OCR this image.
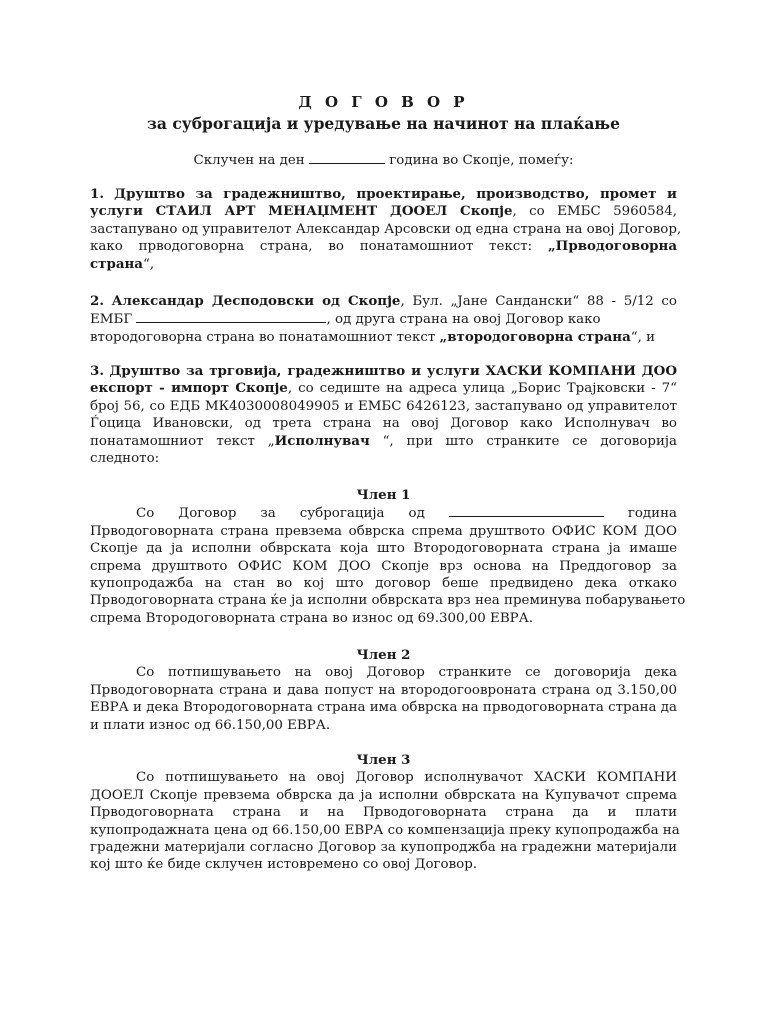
Д О Г О В О Р
за суброгација и уредување на начинот на плаќање
Склучен на ден	година во Скопје, помеѓу:
1. Друштво за градежништво, проектирање, производство, промет и
услуги СТАИЛ АРТ МЕНАЏМЕНТ ДООЕЛ Скопје, со ЕМБС 5960584,
застапувано од управителот Александар Арсовски од една страна на овој Договор,
како прводоговорна страна, во понатамошниот текст: „Прводоговорна
страна“,
2. Александар Десподовски од Скопје, Бул. „Јане Сандански“ 88 - 5/12 со
ЕМБГ	, од друга страна на овој Договор како
втородоговорна страна во понатамошниот текст „втородоговорна страна“, и
3. Друштво за трговија, градежништво и услуги ХАСКИ КОМПАНИ ДОО
експорт - импорт Скопје, со седиште на адреса улица „Борис Трајковски - 7“
број 56, со ЕДБ МК4030008049905 и ЕМБС 6426123, застапувано од управителот
Ѓоцица Ивановски, од трета страна на овој Договор како Исполнувач во
понатамошниот текст „Исполнувач “, при што странките се договорија
следното:
Член 1
Со Договор за суброгација од	година
Прводоговорната страна превзема обврска спрема друштвото ОФИС КОМ ДОО
Скопје да ја исполни обврската која што Втородоговорната страна ја имаше
спрема друштвото ОФИС КОМ ДОО Скопје врз основа на Преддоговор за
купопродажба на стан во кој што договор беше предвидено дека откако
Прводоговорната страна ќе ја исполни обврската врз неа преминува побарувањето
спрема Втородоговорната страна во износ од 69.300,00 ЕВРА.
Член 2
Со потпишувањето на овој Договор странките се договорија дека
Прводоговорната страна и дава попуст на втородогоовроната страна од 3.150,00
ЕВРА и дека Втородоговорната страна има обврска на прводоговорната страна да
и плати износ од 66.150,00 ЕВРА.
Член 3
Со потпишувањето на овој Договор исполнувачот ХАСКИ КОМПАНИ
ДООЕЛ Скопје превзема обврска да ја исполни обврската на Купувачот спрема
Прводоговорната страна и на Прводоговорната страна да и плати
купопродажната цена од 66.150,00 ЕВРА со компензација преку купопродажба на
градежни материјали согласно Договор за купопроджба на градежни материјали
кој што ќе биде склучен истовремено со овој Договор.
